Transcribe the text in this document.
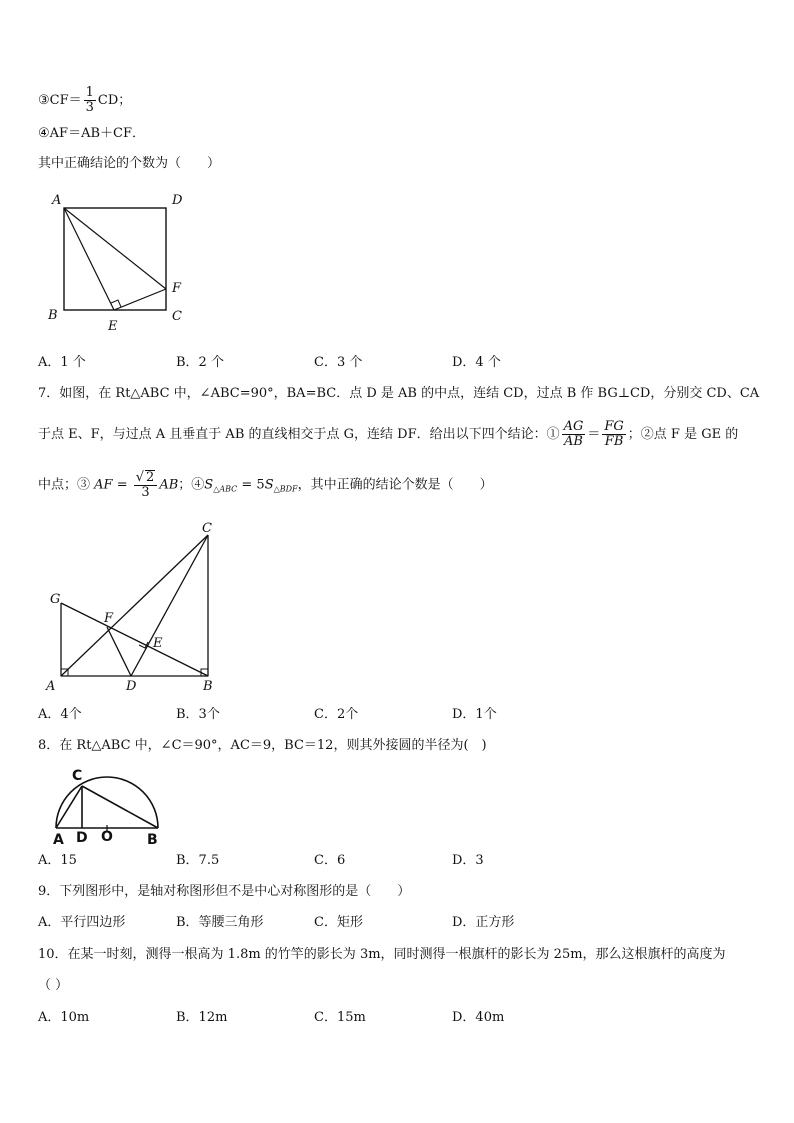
③CF＝ $\frac{1}{3}$ CD；
④AF＝AB＋CF．
其中正确结论的个数为（　　）
A	D
B
E
C
F
A．1 个	B．2 个	C．3 个	D．4 个
7．如图，在 Rt△ABC 中，∠ABC=90°，BA=BC．点 D 是 AB 的中点，连结 CD，过点 B 作 BG⊥CD，分别交 CD、CA
于点 E、F，与过点 A 且垂直于 AB 的直线相交于点 G，连结 DF．给出以下四个结论：① $\frac{AG}{AB} = \frac{FG}{FB}$ ；②点 F 是 GE 的
中点；③ AF = $\frac{√ 2}{3}$ AB；$④S_{\triangle ABC} = 5S_{\triangle BDF}$，其中正确的结论个数是（　　）
C
G
F
E
A	D	B
A．4个	B．3个	C．2个	D．1个
8．在 Rt△ABC 中，∠C＝90°，AC＝9，BC＝12，则其外接圆的半径为(　)
C
A D O B
A．15	B．7.5	C．6	D．3
9．下列图形中，是轴对称图形但不是中心对称图形的是（　　）
A．平行四边形	B．等腰三角形	C．矩形	D．正方形
10．在某一时刻，测得一根高为 1.8m 的竹竿的影长为 3m，同时测得一根旗杆的影长为 25m，那么这根旗杆的高度为
（ ）
A．10m	B．12m	C．15m	D．40m
